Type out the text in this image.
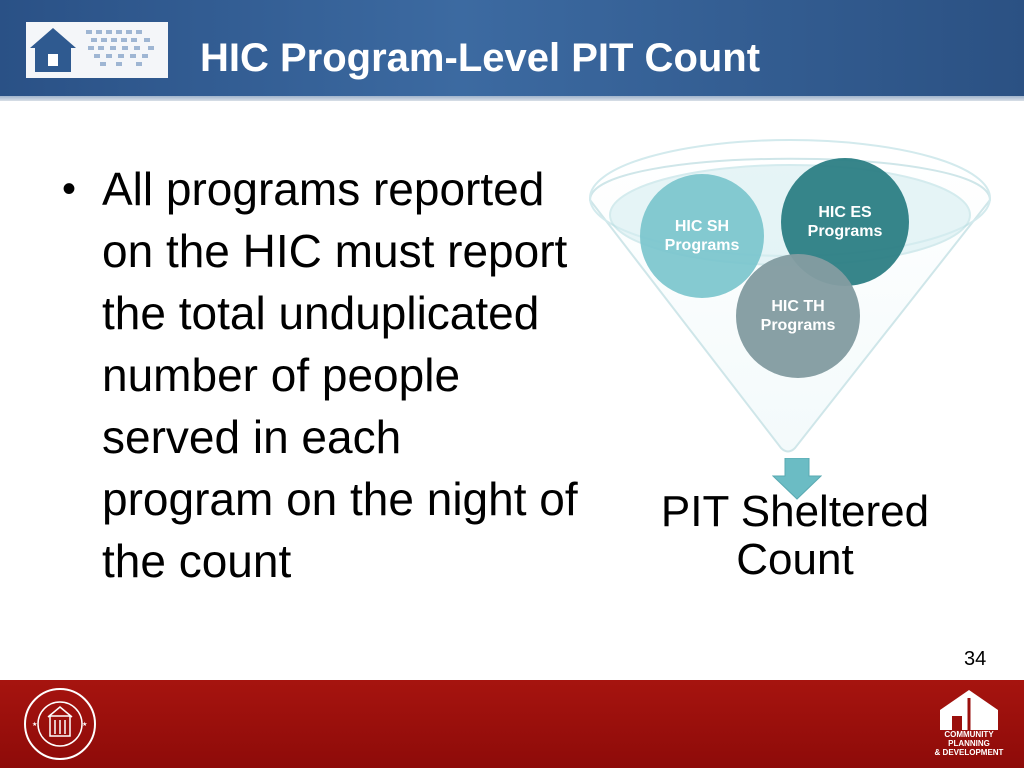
HIC Program-Level PIT Count
• All programs reported on the HIC must report the total unduplicated number of people served in each program on the night of the count
HIC ES
Programs
HIC TH
Programs
HIC SH
Programs
PIT Sheltered Count
34
★	★
COMMUNITY
PLANNING
& DEVELOPMENT
